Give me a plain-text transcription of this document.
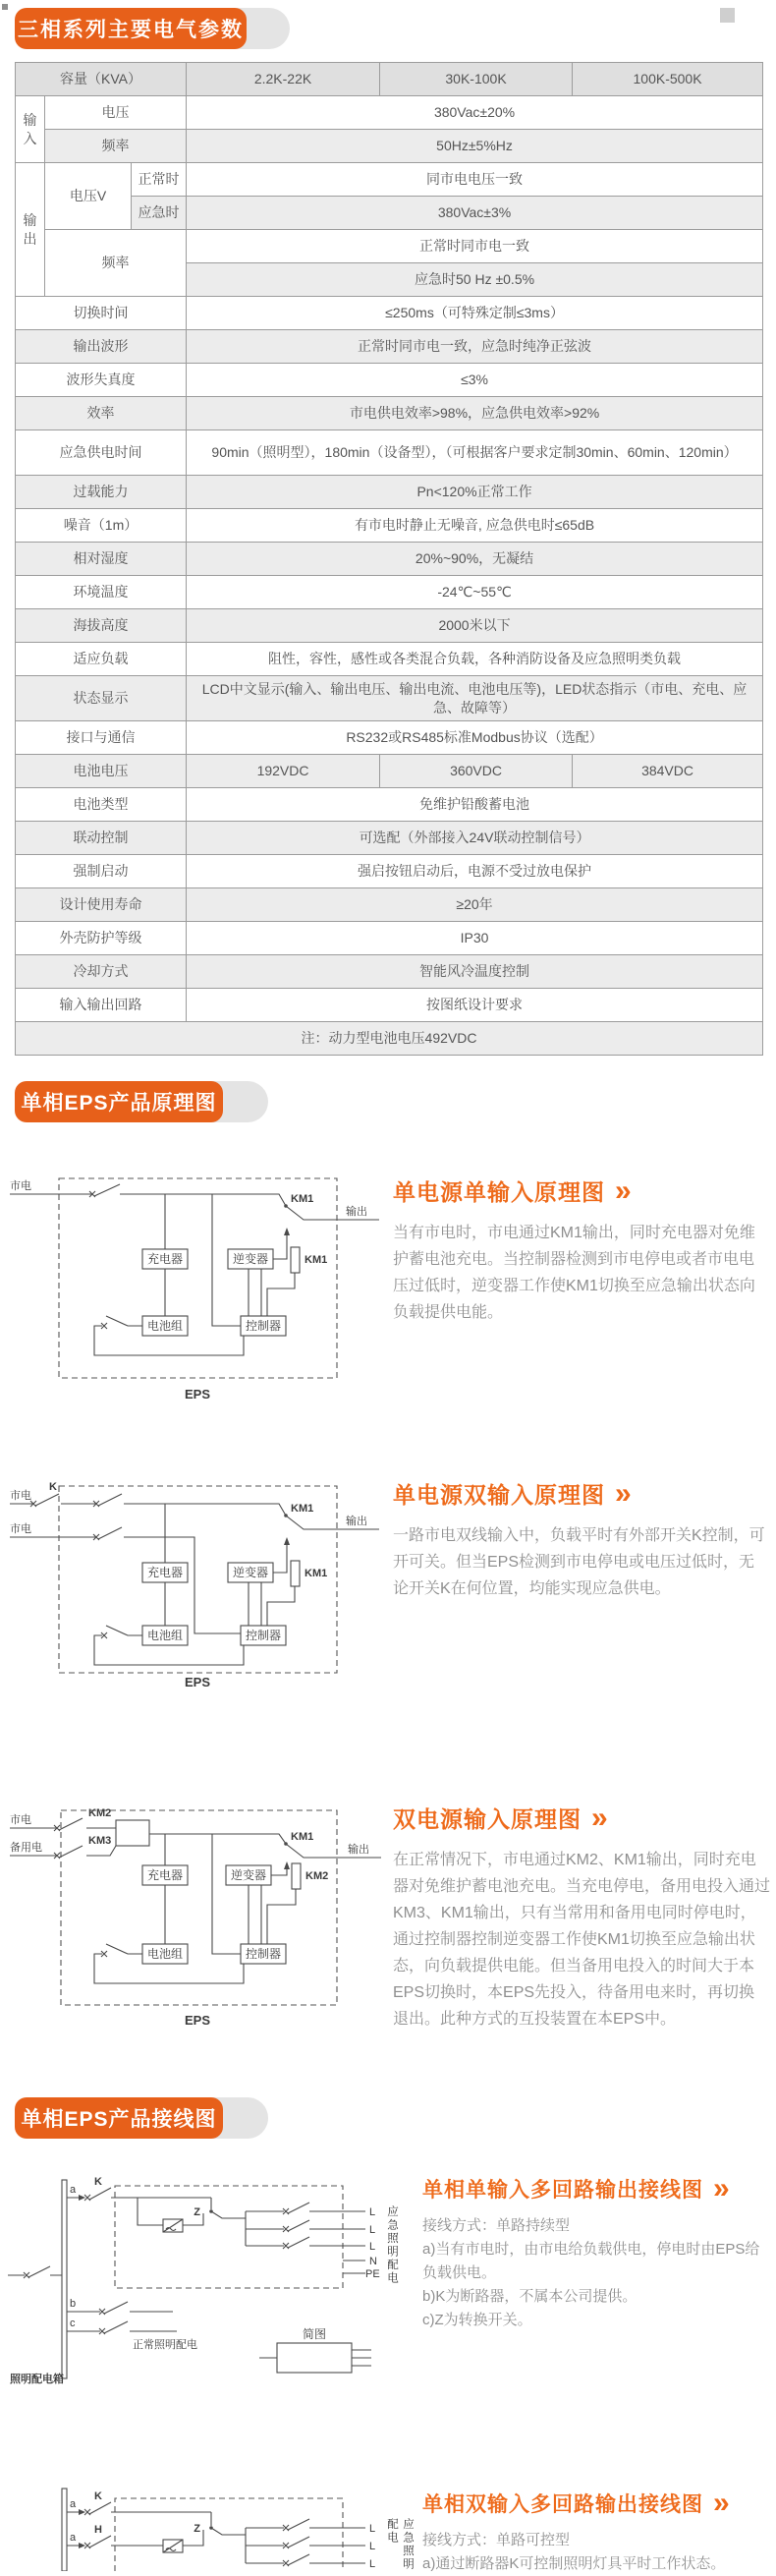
三相系列主要电气参数
容量（KVA）			2.2K-22K	30K-100K	100K-500K
输入	电压		380Vac±20%		
	频率		50Hz±5%Hz		
输出	电压V	正常时	同市电电压一致		
		应急时	380Vac±3%		
	频率		正常时同市电一致		
			应急时50 Hz ±0.5%		
切换时间			≤250ms（可特殊定制≤3ms）		
输出波形			正常时同市电一致，应急时纯净正弦波		
波形失真度			≤3%		
效率			市电供电效率>98%，应急供电效率>92%		
应急供电时间			90min（照明型），180min（设备型），（可根据客户要求定制30min、60min、120min）		
过载能力			Pn<120%正常工作		
噪音（1m）			有市电时静止无噪音, 应急供电时≤65dB		
相对湿度			20%~90%，无凝结		
环境温度			-24℃~55℃		
海拔高度			2000米以下		
适应负载			阻性，容性，感性或各类混合负载，各种消防设备及应急照明类负载		
状态显示			LCD中文显示(输入、输出电压、输出电流、电池电压等)，LED状态指示（市电、充电、应急、故障等）		
接口与通信			RS232或RS485标准Modbus协议（选配）		
电池电压			192VDC	360VDC	384VDC
电池类型			免维护铅酸蓄电池		
联动控制			可选配（外部接入24V联动控制信号）		
强制启动			强启按钮启动后，电源不受过放电保护		
设计使用寿命			≥20年		
外壳防护等级			IP30		
冷却方式			智能风冷温度控制		
输入输出回路			按图纸设计要求		
注：动力型电池电压492VDC					
单相EPS产品原理图
市电
KM1
输出
充电器	逆变器	KM1
控制器
电池组
EPS
单电源单输入原理图 »

当有市电时，市电通过KM1输出，同时充电器对免维护蓄电池充电。当控制器检测到市电停电或者市电电压过低时，逆变器工作使KM1切换至应急输出状态向负载提供电能。

市电
K
市电
KM1
输出
充电器	逆变器	KM1
控制器
电池组
EPS
单电源双输入原理图 »

一路市电双线输入中，负载平时有外部开关K控制，可开可关。但当EPS检测到市电停电或电压过低时，无论开关K在何位置，均能实现应急供电。

市电
备用电
KM2
KM3	KM1
输出
充电器	逆变器	KM2
控制器
电池组
EPS
双电源输入原理图 »

在正常情况下，市电通过KM2、KM1输出，同时充电器对免维护蓄电池充电。当充电停电，备用电投入通过KM3、KM1输出，只有当常用和备用电同时停电时，通过控制器控制逆变器工作使KM1切换至应急输出状态，向负载提供电能。但当备用电投入的时间大于本EPS切换时，本EPS先投入，待备用电来时，再切换退出。此种方式的互投装置在本EPS中。

单相EPS产品接线图
a
K
Z	L
L
L
N
PE
b
c
正常照明配电
照明配电箱
简图
应急照明配电
单相单输入多回路输出接线图 »

接线方式：单路持续型

a)当有市电时，由市电给负载供电，停电时由EPS给负载供电。

b)K为断路器，不属本公司提供。

c)Z为转换开关。

a
K
a
H	Z	L
L
L	应急照明配电
单相双输入多回路输出接线图 »

接线方式：单路可控型

a)通过断路器K可控制照明灯具平时工作状态。
